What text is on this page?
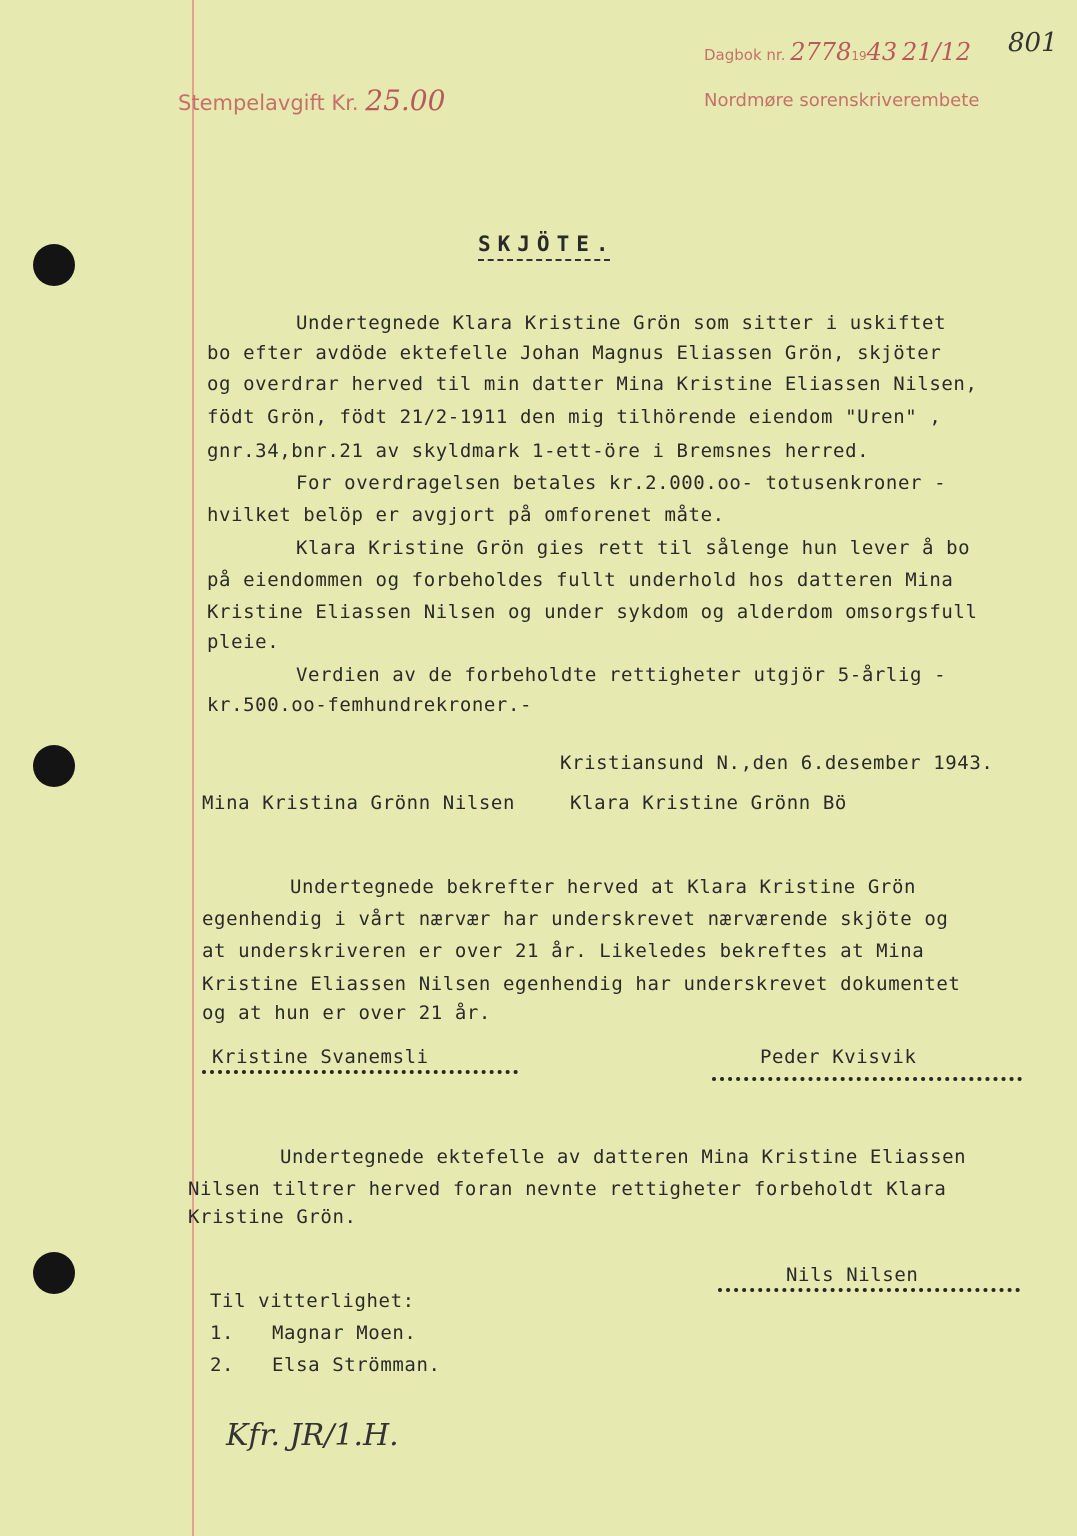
Stempelavgift Kr. 25.00
Dagbok nr. 27781943 21/12
Nordmøre sorenskriverembete
801
SKJÖTE.
Undertegnede Klara Kristine Grön som sitter i uskiftet
bo efter avdöde ektefelle Johan Magnus Eliassen Grön, skjöter
og overdrar herved til min datter Mina Kristine Eliassen Nilsen,
födt Grön, födt 21/2-1911 den mig tilhörende eiendom "Uren" ,
gnr.34,bnr.21 av skyldmark 1-ett-öre i Bremsnes herred.
For overdragelsen betales kr.2.000.oo- totusenkroner -
hvilket belöp er avgjort på omforenet måte.
Klara Kristine Grön gies rett til sålenge hun lever å bo
på eiendommen og forbeholdes fullt underhold hos datteren Mina
Kristine Eliassen Nilsen og under sykdom og alderdom omsorgsfull
pleie.
Verdien av de forbeholdte rettigheter utgjör 5-årlig -
kr.500.oo-femhundrekroner.-
Kristiansund N.,den 6.desember 1943.
Mina Kristina Grönn Nilsen	Klara Kristine Grönn Bö
Undertegnede bekrefter herved at Klara Kristine Grön
egenhendig i vårt nærvær har underskrevet nærværende skjöte og
at underskriveren er over 21 år. Likeledes bekreftes at Mina
Kristine Eliassen Nilsen egenhendig har underskrevet dokumentet
og at hun er over 21 år.
Kristine Svanemsli	Peder Kvisvik
Undertegnede ektefelle av datteren Mina Kristine Eliassen
Nilsen tiltrer herved foran nevnte rettigheter forbeholdt Klara
Kristine Grön.
Nils Nilsen
Til vitterlighet:
1. Magnar Moen.
2. Elsa Strömman.
Kfr. JR/1.H.
